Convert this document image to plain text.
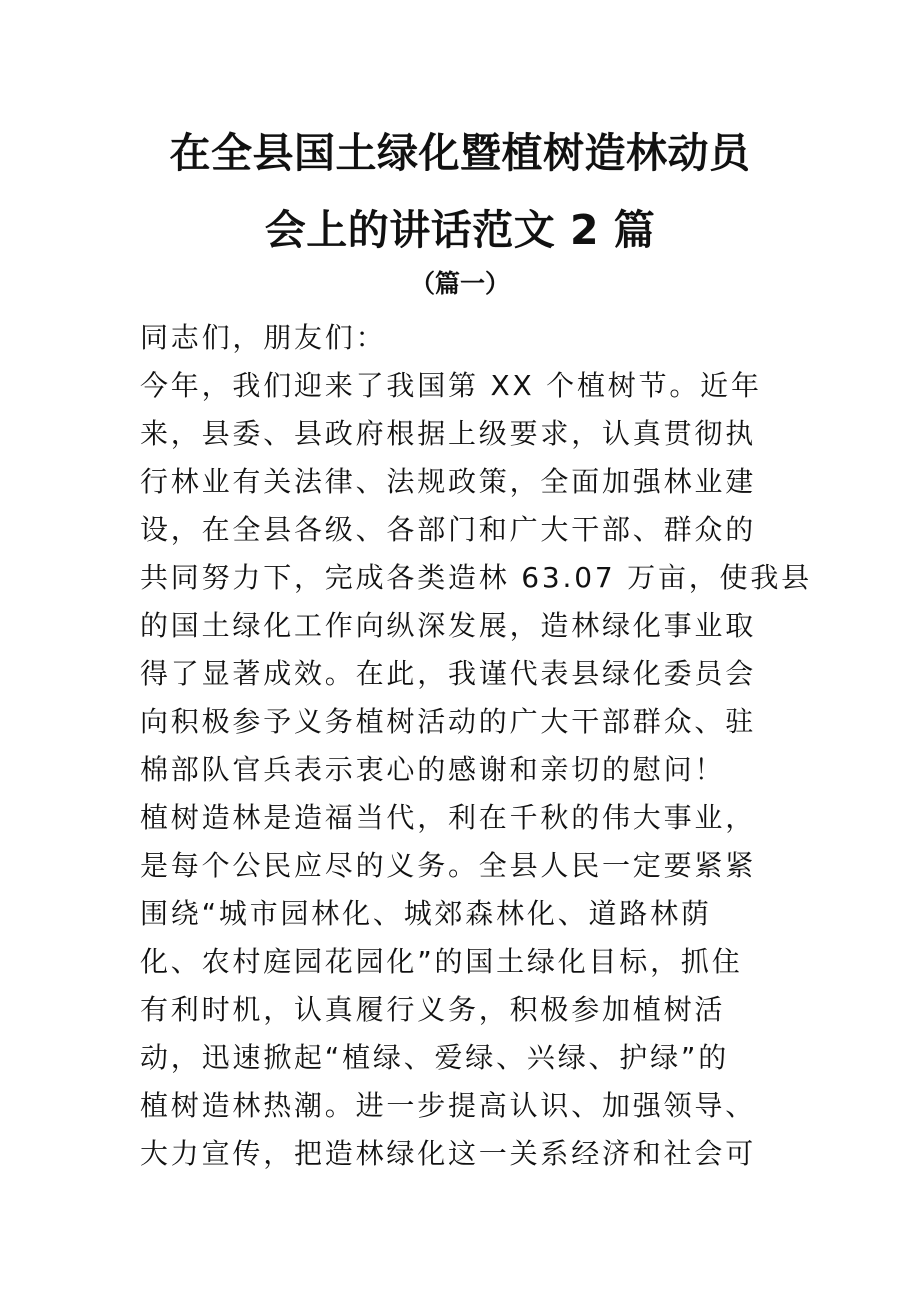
在全县国土绿化暨植树造林动员
会上的讲话范文 2 篇
（篇一）
同志们，朋友们：
今年，我们迎来了我国第 XX 个植树节。近年
来，县委、县政府根据上级要求，认真贯彻执
行林业有关法律、法规政策，全面加强林业建
设，在全县各级、各部门和广大干部、群众的
共同努力下，完成各类造林 63.07 万亩，使我县
的国土绿化工作向纵深发展，造林绿化事业取
得了显著成效。在此，我谨代表县绿化委员会
向积极参予义务植树活动的广大干部群众、驻
棉部队官兵表示衷心的感谢和亲切的慰问！
植树造林是造福当代，利在千秋的伟大事业，
是每个公民应尽的义务。全县人民一定要紧紧
围绕“城市园林化、城郊森林化、道路林荫
化、农村庭园花园化”的国土绿化目标，抓住
有利时机，认真履行义务，积极参加植树活
动，迅速掀起“植绿、爱绿、兴绿、护绿”的
植树造林热潮。进一步提高认识、加强领导、
大力宣传，把造林绿化这一关系经济和社会可
